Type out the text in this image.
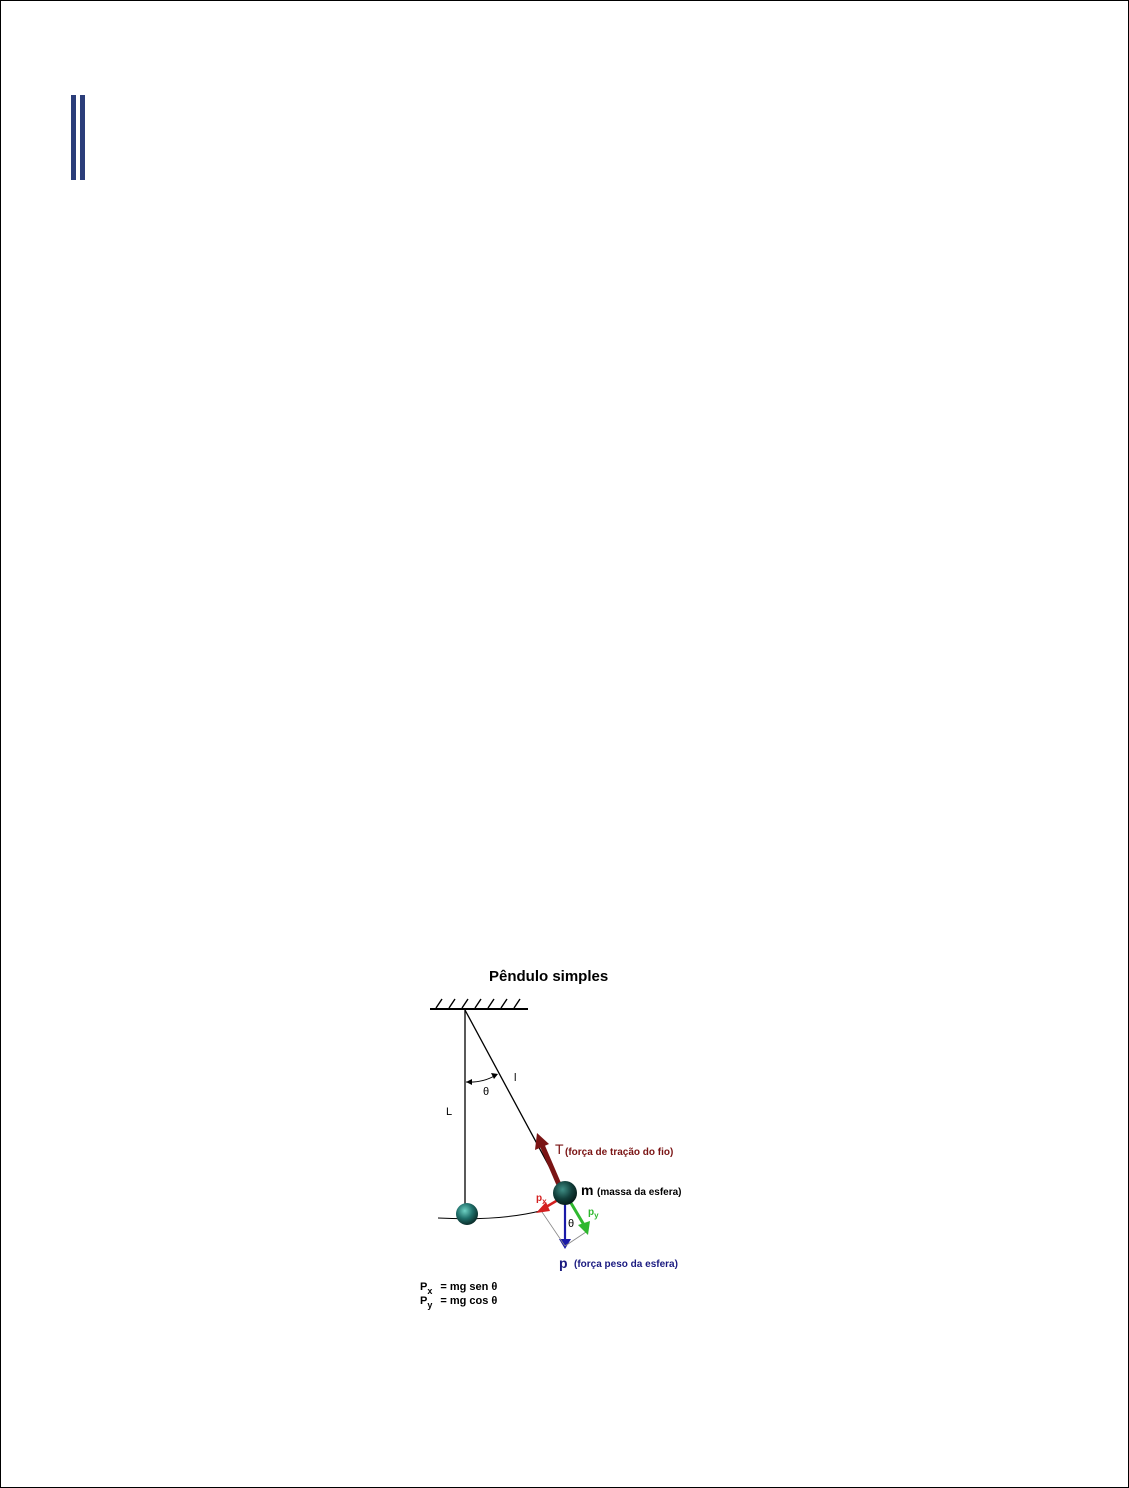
Pêndulo simples
θ
l
L
T (força de tração do fio)
$p_x$
$p_y$
θ
m (massa da esfera)
p (força peso da esfera)
$P_x$ = mg sen θ
$P_y$ = mg cos θ
